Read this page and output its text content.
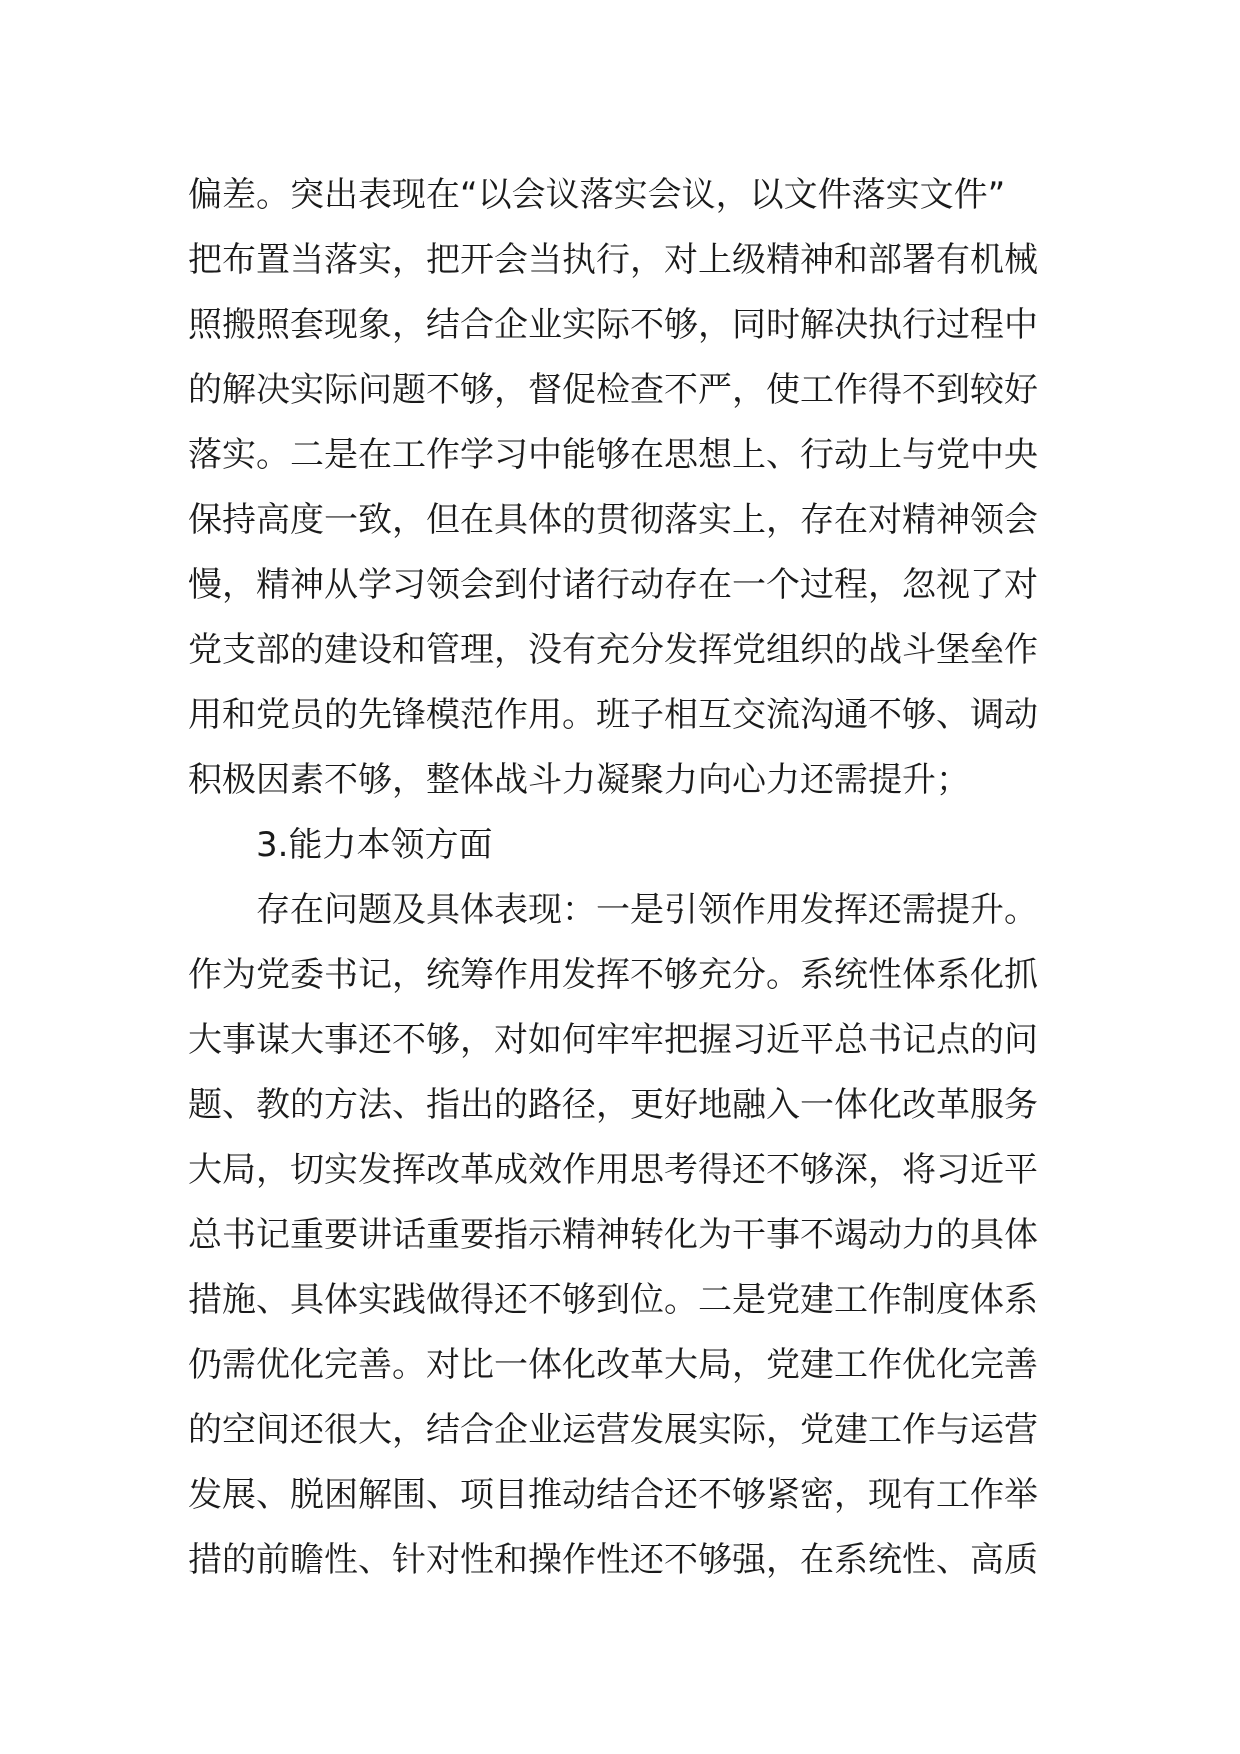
偏差。突出表现在“以会议落实会议，以文件落实文件”
把布置当落实，把开会当执行，对上级精神和部署有机械
照搬照套现象，结合企业实际不够，同时解决执行过程中
的解决实际问题不够，督促检查不严，使工作得不到较好
落实。二是在工作学习中能够在思想上、行动上与党中央
保持高度一致，但在具体的贯彻落实上，存在对精神领会
慢，精神从学习领会到付诸行动存在一个过程，忽视了对
党支部的建设和管理，没有充分发挥党组织的战斗堡垒作
用和党员的先锋模范作用。班子相互交流沟通不够、调动
积极因素不够，整体战斗力凝聚力向心力还需提升；
3.能力本领方面
存在问题及具体表现：一是引领作用发挥还需提升。
作为党委书记，统筹作用发挥不够充分。系统性体系化抓
大事谋大事还不够，对如何牢牢把握习近平总书记点的问
题、教的方法、指出的路径，更好地融入一体化改革服务
大局，切实发挥改革成效作用思考得还不够深，将习近平
总书记重要讲话重要指示精神转化为干事不竭动力的具体
措施、具体实践做得还不够到位。二是党建工作制度体系
仍需优化完善。对比一体化改革大局，党建工作优化完善
的空间还很大，结合企业运营发展实际，党建工作与运营
发展、脱困解围、项目推动结合还不够紧密，现有工作举
措的前瞻性、针对性和操作性还不够强，在系统性、高质
